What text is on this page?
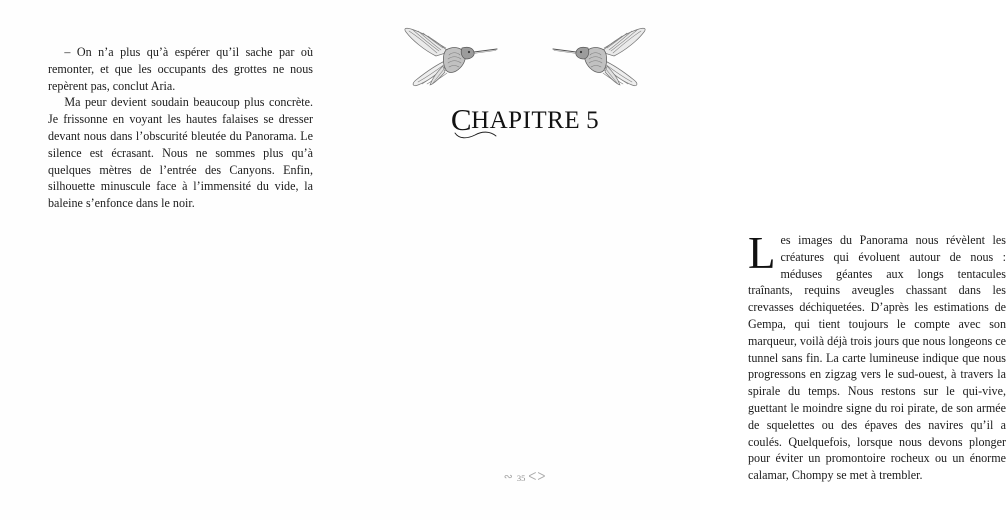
– On n’a plus qu’à espérer qu’il sache par où remonter, et que les occupants des grottes ne nous repèrent pas, conclut Aria.

Ma peur devient soudain beaucoup plus concrète. Je frissonne en voyant les hautes falaises se dresser devant nous dans l’obscurité bleutée du Panorama. Le silence est écrasant. Nous ne sommes plus qu’à quelques mètres de l’entrée des Canyons. Enfin, silhouette minuscule face à l’immensité du vide, la baleine s’enfonce dans le noir.

CHAPITRE 5

Les images du Panorama nous révèlent les créatures qui évoluent autour de nous : méduses géantes aux longs tentacules traînants, requins aveugles chassant dans les crevasses déchiquetées. D’après les estimations de Gempa, qui tient toujours le compte avec son marqueur, voilà déjà trois jours que nous longeons ce tunnel sans fin. La carte lumineuse indique que nous progressons en zigzag vers le sud-ouest, à travers la spirale du temps. Nous restons sur le qui-vive, guettant le moindre signe du roi pirate, de son armée de squelettes ou des épaves des navires qu’il a coulés. Quelquefois, lorsque nous devons plonger pour éviter un promontoire rocheux ou un énorme calamar, Chompy se met à trembler.

∾ 35 ᐸᐳ
